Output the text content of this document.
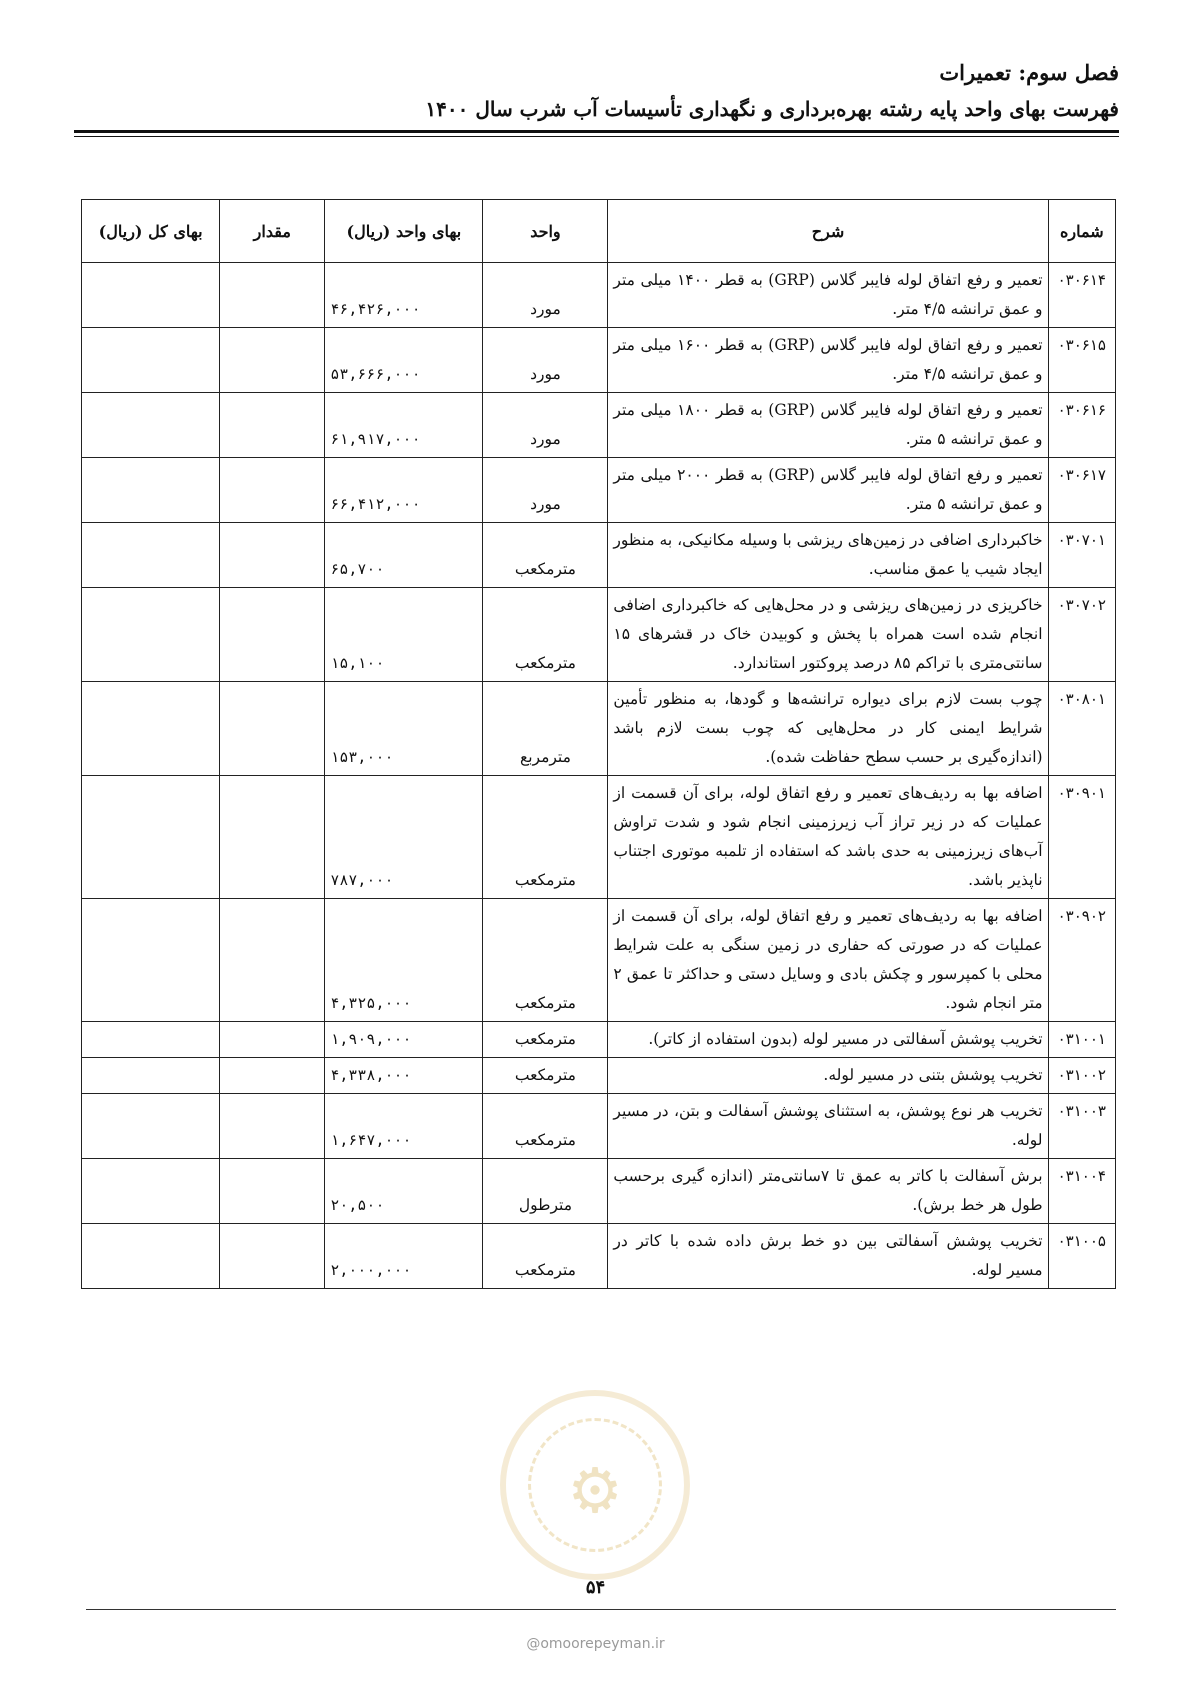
فصل سوم: تعمیرات
فهرست بهای واحد پایه رشته بهره‌برداری و نگهداری تأسیسات آب شرب سال ۱۴۰۰
شماره	شرح	واحد	بهای واحد (ریال)	مقدار	بهای کل (ریال)
۰۳۰۶۱۴	تعمیر و رفع اتفاق لوله فایبر گلاس (GRP) به قطر ۱۴۰۰ میلی متر و عمق ترانشه ۴/۵ متر.	مورد	۴۶,۴۲۶,۰۰۰		
۰۳۰۶۱۵	تعمیر و رفع اتفاق لوله فایبر گلاس (GRP) به قطر ۱۶۰۰ میلی متر و عمق ترانشه ۴/۵ متر.	مورد	۵۳,۶۶۶,۰۰۰		
۰۳۰۶۱۶	تعمیر و رفع اتفاق لوله فایبر گلاس (GRP) به قطر ۱۸۰۰ میلی متر و عمق ترانشه ۵ متر.	مورد	۶۱,۹۱۷,۰۰۰		
۰۳۰۶۱۷	تعمیر و رفع اتفاق لوله فایبر گلاس (GRP) به قطر ۲۰۰۰ میلی متر و عمق ترانشه ۵ متر.	مورد	۶۶,۴۱۲,۰۰۰		
۰۳۰۷۰۱	خاکبرداری اضافی در زمین‌های ریزشی با وسیله مکانیکی، به منظور ایجاد شیب یا عمق مناسب.	مترمکعب	۶۵,۷۰۰		
۰۳۰۷۰۲	خاکریزی در زمین‌های ریزشی و در محل‌هایی که خاکبرداری اضافی انجام شده است همراه با پخش و کوبیدن خاک در قشرهای ۱۵ سانتی‌متری با تراکم ۸۵ درصد پروکتور استاندارد.	مترمکعب	۱۵,۱۰۰		
۰۳۰۸۰۱	چوب بست لازم برای دیواره ترانشه‌ها و گودها، به منظور تأمین شرایط ایمنی کار در محل‌هایی که چوب بست لازم باشد (اندازه‌گیری بر حسب سطح حفاظت شده).	مترمربع	۱۵۳,۰۰۰		
۰۳۰۹۰۱	اضافه بها به ردیف‌های تعمیر و رفع اتفاق لوله، برای آن قسمت از عملیات که در زیر تراز آب زیرزمینی انجام شود و شدت تراوش آب‌های زیرزمینی به حدی باشد که استفاده از تلمبه موتوری اجتناب ناپذیر باشد.	مترمکعب	۷۸۷,۰۰۰		
۰۳۰۹۰۲	اضافه بها به ردیف‌های تعمیر و رفع اتفاق لوله، برای آن قسمت از عملیات که در صورتی که حفاری در زمین سنگی به علت شرایط محلی با کمپرسور و چکش بادی و وسایل دستی و حداکثر تا عمق ۲ متر انجام شود.	مترمکعب	۴,۳۲۵,۰۰۰		
۰۳۱۰۰۱	تخریب پوشش آسفالتی در مسیر لوله (بدون استفاده از کاتر).	مترمکعب	۱,۹۰۹,۰۰۰		
۰۳۱۰۰۲	تخریب پوشش بتنی در مسیر لوله.	مترمکعب	۴,۳۳۸,۰۰۰		
۰۳۱۰۰۳	تخریب هر نوع پوشش، به استثنای پوشش آسفالت و بتن، در مسیر لوله.	مترمکعب	۱,۶۴۷,۰۰۰		
۰۳۱۰۰۴	برش آسفالت با کاتر به عمق تا ۷سانتی‌متر (اندازه گیری برحسب طول هر خط برش).	مترطول	۲۰,۵۰۰		
۰۳۱۰۰۵	تخریب پوشش آسفالتی بین دو خط برش داده شده با کاتر در مسیر لوله.	مترمکعب	۲,۰۰۰,۰۰۰		
⚙
۵۴
@omoorepeyman.ir
